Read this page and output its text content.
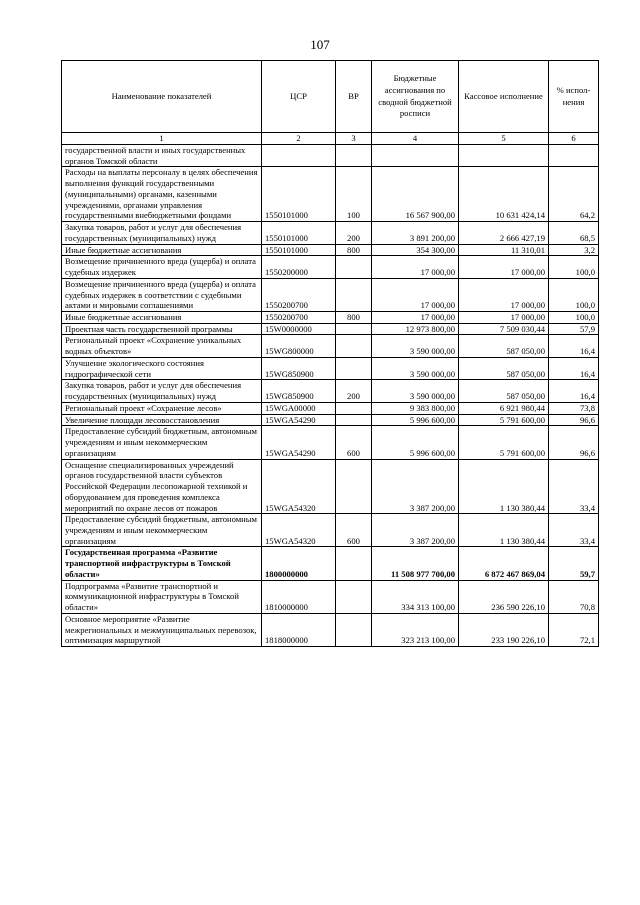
107
Наименование показателей	ЦСР	ВР	Бюджетные ассигнования по сводной бюджетной росписи	Кассовое исполнение	% испол-нения
1	2	3	4	5	6
государственной власти и иных государственных органов Томской области					
Расходы на выплаты персоналу в целях обеспечения выполнения функций государственными (муниципальными) органами, казенными учреждениями, органами управления государственными внебюджетными фондами	1550101000	100	16 567 900,00	10 631 424,14	64,2
Закупка товаров, работ и услуг для обеспечения государственных (муниципальных) нужд	1550101000	200	3 891 200,00	2 666 427,19	68,5
Иные бюджетные ассигнования	1550101000	800	354 300,00	11 310,01	3,2
Возмещение причиненного вреда (ущерба) и оплата судебных издержек	1550200000		17 000,00	17 000,00	100,0
Возмещение причиненного вреда (ущерба) и оплата судебных издержек в соответствии с судебными актами и мировыми соглашениями	1550200700		17 000,00	17 000,00	100,0
Иные бюджетные ассигнования	1550200700	800	17 000,00	17 000,00	100,0
Проектная часть государственной программы	15W0000000		12 973 800,00	7 509 030,44	57,9
Региональный проект «Сохранение уникальных водных объектов»	15WG800000		3 590 000,00	587 050,00	16,4
Улучшение экологического состояния гидрографической сети	15WG850900		3 590 000,00	587 050,00	16,4
Закупка товаров, работ и услуг для обеспечения государственных (муниципальных) нужд	15WG850900	200	3 590 000,00	587 050,00	16,4
Региональный проект «Сохранение лесов»	15WGA00000		9 383 800,00	6 921 980,44	73,8
Увеличение площади лесовосстановления	15WGA54290		5 996 600,00	5 791 600,00	96,6
Предоставление субсидий бюджетным, автономным учреждениям и иным некоммерческим организациям	15WGA54290	600	5 996 600,00	5 791 600,00	96,6
Оснащение специализированных учреждений органов государственной власти субъектов Российской Федерации лесопожарной техникой и оборудованием для проведения комплекса мероприятий по охране лесов от пожаров	15WGA54320		3 387 200,00	1 130 380,44	33,4
Предоставление субсидий бюджетным, автономным учреждениям и иным некоммерческим организациям	15WGA54320	600	3 387 200,00	1 130 380,44	33,4
Государственная программа «Развитие транспортной инфраструктуры в Томской области»	1800000000		11 508 977 700,00	6 872 467 869,04	59,7
Подпрограмма «Развитие транспортной и коммуникационной инфраструктуры в Томской области»	1810000000		334 313 100,00	236 590 226,10	70,8
Основное мероприятие «Развитие межрегиональных и межмуниципальных перевозок, оптимизация маршрутной	1818000000		323 213 100,00	233 190 226,10	72,1
